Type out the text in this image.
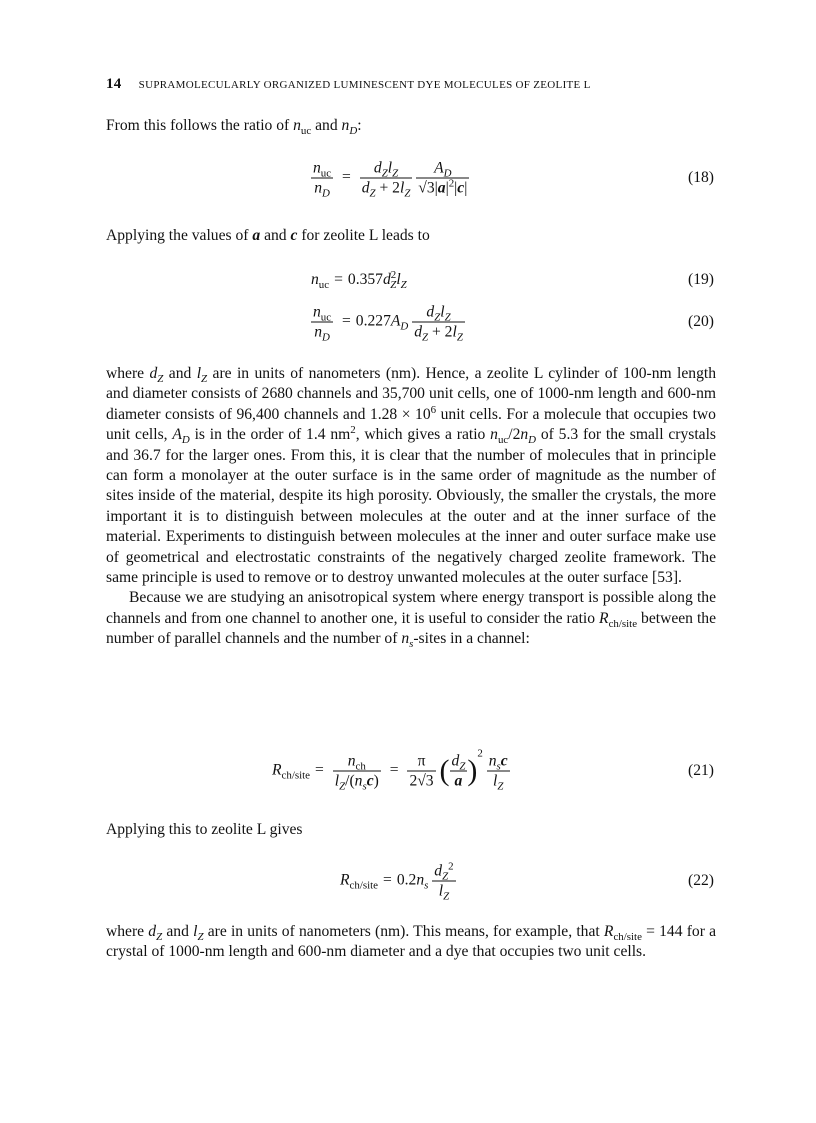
14 SUPRAMOLECULARLY ORGANIZED LUMINESCENT DYE MOLECULES OF ZEOLITE L
From this follows the ratio of $n_{uc}$ and $n_D$:
$\frac{n_{uc}}{n_D} = \frac{d_Zl_Z}{d_Z + 2l_Z}$
$\frac{A_D}{√3|a|^2|c|}$	(18)
Applying the values of a and c for zeolite L leads to
$n_{uc} = 0.357d^2_Zl_Z$	(19)
$\frac{n_{uc}}{n_D} = 0.227A_D \frac{d_Zl_Z}{d_Z + 2l_Z}$	(20)

where $d_Z$ and $l_Z$ are in units of nanometers (nm). Hence, a zeolite L cylinder of 100-nm length and diameter consists of 2680 channels and 35,700 unit cells, one of 1000-nm length and 600-nm diameter consists of 96,400 channels and $1.28 \times 10^6$ unit cells. For a molecule that occupies two unit cells, $A_D$ is in the order of 1.4 $nm^2$, which gives a ratio $n_{uc}/2n_D$ of 5.3 for the small crystals and 36.7 for the larger ones. From this, it is clear that the number of molecules that in principle can form a monolayer at the outer surface is in the same order of magnitude as the number of sites inside of the material, despite its high porosity. Obviously, the smaller the crystals, the more important it is to distinguish between molecules at the outer and at the inner surface of the material. Experiments to distinguish between molecules at the inner and outer surface make use of geometrical and electrostatic constraints of the negatively charged zeolite framework. The same principle is used to remove or to destroy unwanted molecules at the outer surface [53].

Because we are studying an anisotropical system where energy transport is possible along the channels and from one channel to another one, it is useful to consider the ratio $R_{ch/site}$ between the number of parallel channels and the number of $n_s$-sites in a channel:

$R_{ch/site} = \frac{n_{ch}}{l_Z/(n_sc)} = \frac{\pi}{2√3}$ ( $\frac{d_Z}{a} )^2 \frac{n_sc}{l_Z}$	(21)
Applying this to zeolite L gives
$R_{ch/site} = 0.2n_s \frac{d_Z^2}{l_Z}$	(22)

where $d_Z$ and $l_Z$ are in units of nanometers (nm). This means, for example, that $R_{ch/site} = 144$ for a crystal of 1000-nm length and 600-nm diameter and a dye that occupies two unit cells.
